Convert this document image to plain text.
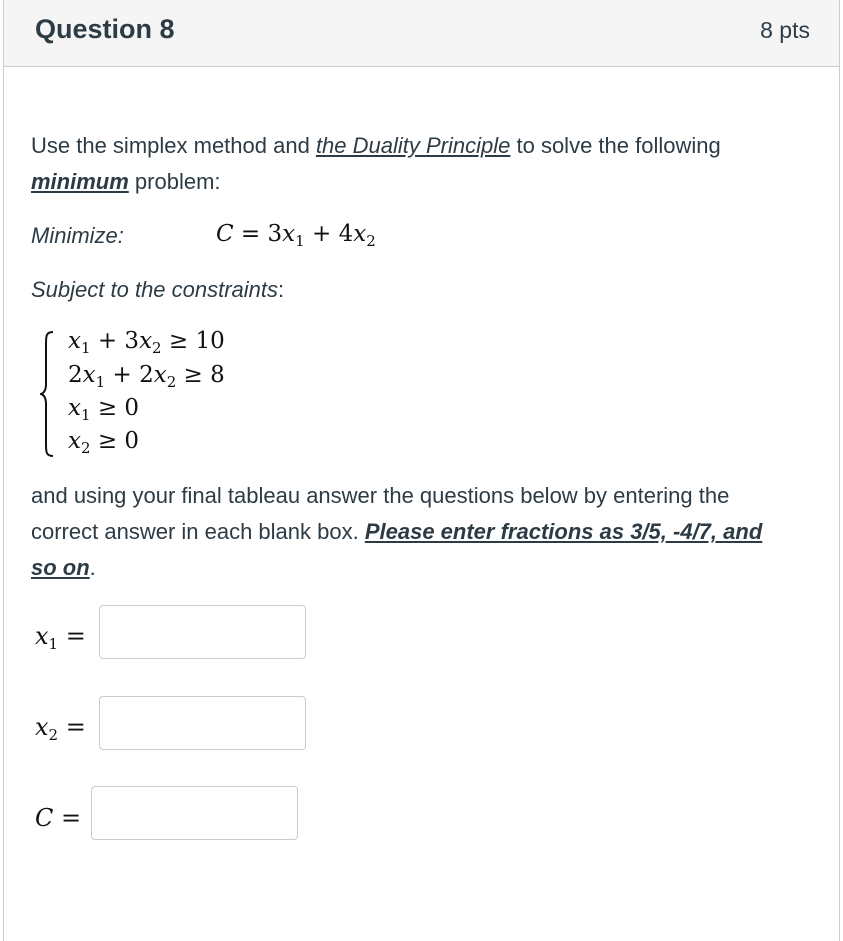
Question 8	8 pts
Use the simplex method and the Duality Principle to solve the following
minimum problem:
Minimize:	$C = 3x_1 + 4x_2$
Subject to the constraints:
$x_1 + 3x_2 \ge 10$
$2x_1 + 2x_2 \ge 8$
$x_1 \ge 0$
$x_2 \ge 0$
and using your final tableau answer the questions below by entering the
correct answer in each blank box. Please enter fractions as 3/5, -4/7, and
so on.
$x_1$ =
$x_2$ =
C =
